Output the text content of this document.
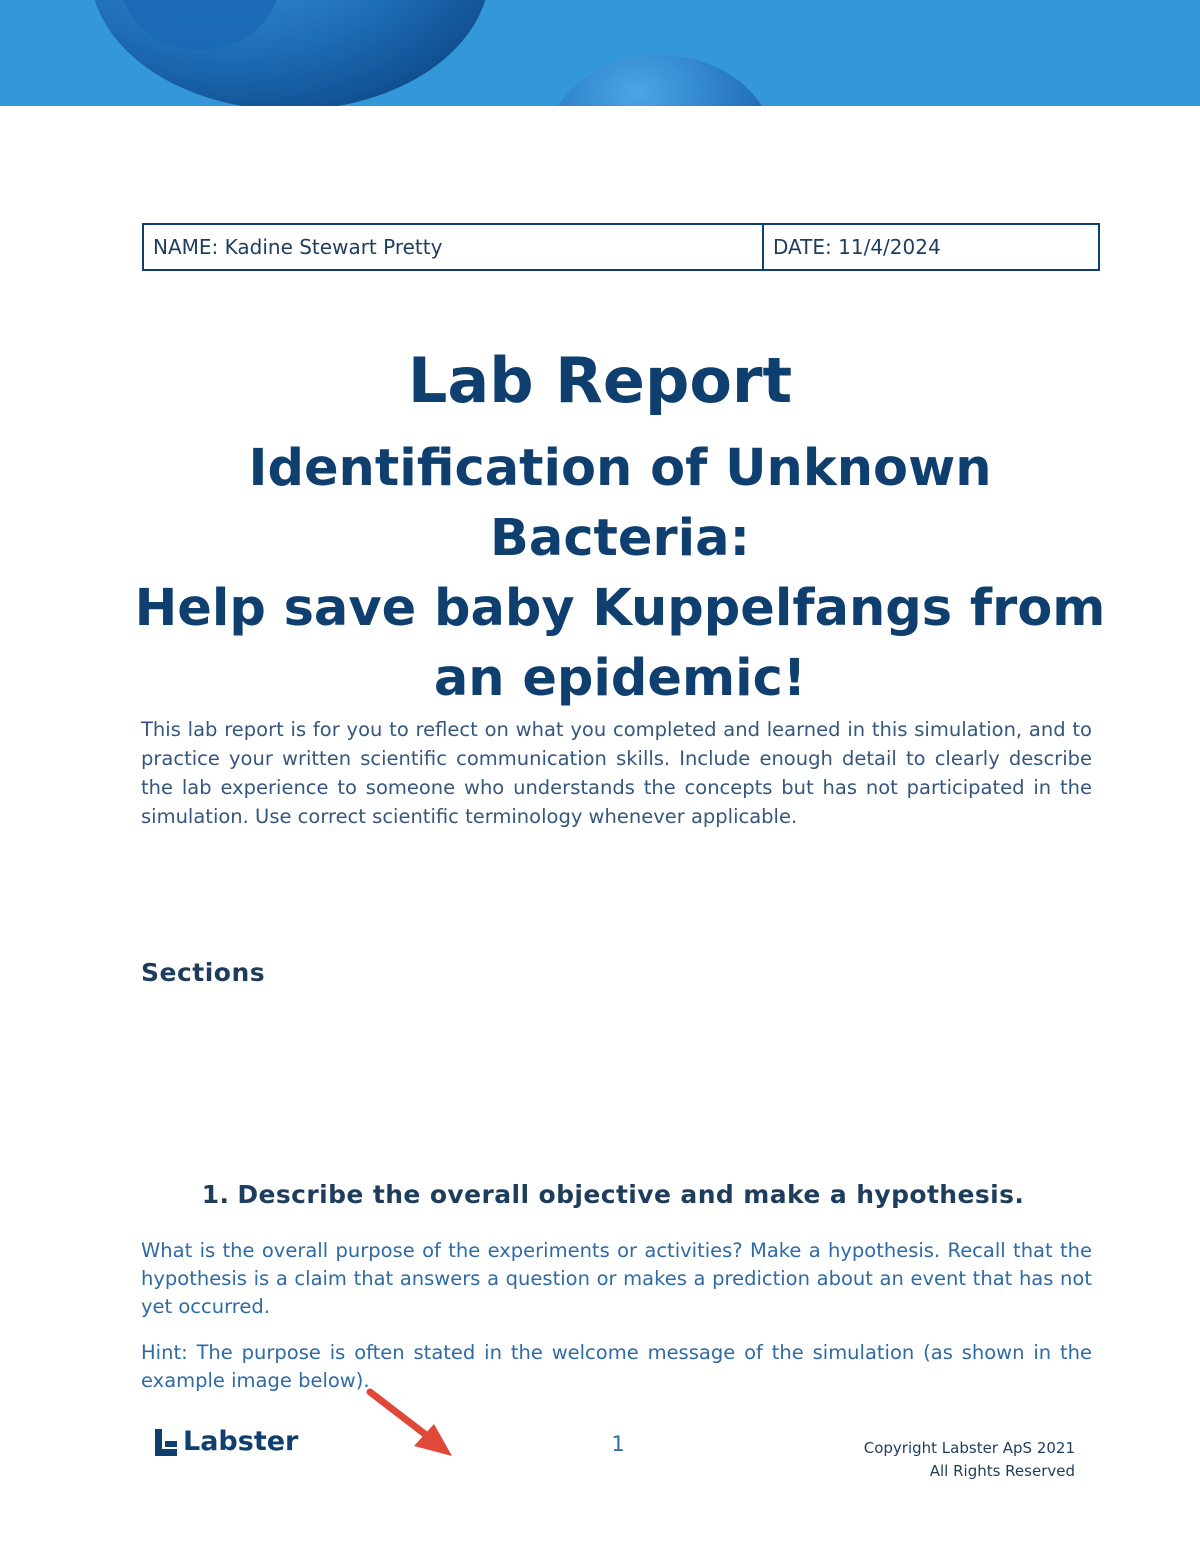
NAME: Kadine Stewart Pretty	DATE: 11/4/2024
Lab Report
Identification of Unknown Bacteria:
Help save baby Kuppelfangs from
an epidemic!

This lab report is for you to reflect on what you completed and learned in this simulation, and to practice your written scientific communication skills. Include enough detail to clearly describe the lab experience to someone who understands the concepts but has not participated in the simulation. Use correct scientific terminology whenever applicable.

Sections
1. Describe the overall objective and make a hypothesis.

What is the overall purpose of the experiments or activities? Make a hypothesis. Recall that the hypothesis is a claim that answers a question or makes a prediction about an event that has not yet occurred.

Hint: The purpose is often stated in the welcome message of the simulation (as shown in the example image below).

Labster	1	Copyright Labster ApS 2021
All Rights Reserved
